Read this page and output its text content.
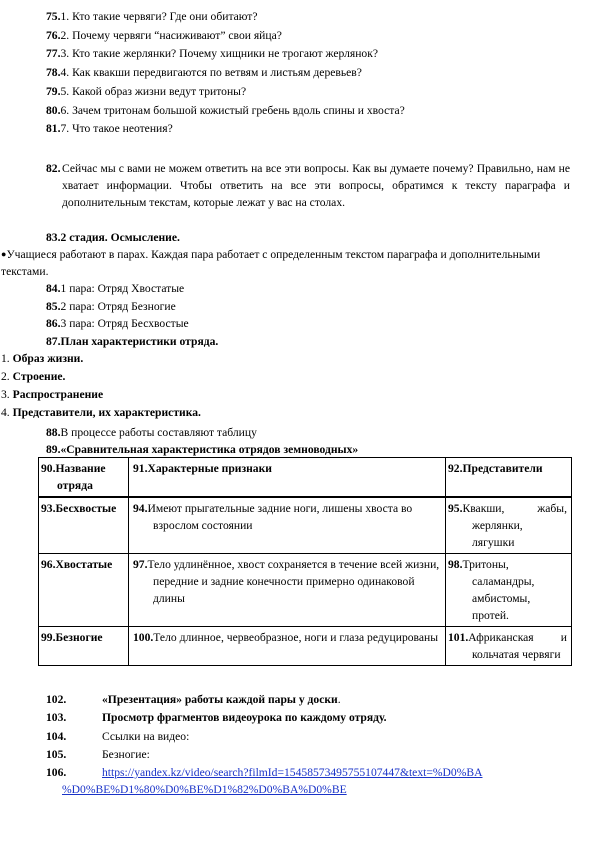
75.1. Кто такие червяги? Где они обитают?
76.2. Почему червяги “насиживают” свои яйца?
77.3. Кто такие жерлянки? Почему хищники не трогают жерлянок?
78.4. Как квакши передвигаются по ветвям и листьям деревьев?
79.5. Какой образ жизни ведут тритоны?
80.6. Зачем тритонам большой кожистый гребень вдоль спины и хвоста?
81.7. Что такое неотения?
82. Сейчас мы с вами не можем ответить на все эти вопросы. Как вы думаете почему? Правильно, нам не хватает информации. Чтобы ответить на все эти вопросы, обратимся к тексту параграфа и дополнительным текстам, которые лежат у вас на столах.
83.2 стадия. Осмысление.
●Учащиеся работают в парах. Каждая пара работает с определенным текстом параграфа и дополнительными текстами.
84.1 пара: Отряд Хвостатые
85.2 пара: Отряд Безногие
86.3 пара: Отряд Бесхвостые
87.План характеристики отряда.
1. Образ жизни.
2. Строение.
3. Распространение
4. Представители, их характеристика.
88.В процессе работы составляют таблицу
89.«Сравнительная характеристика отрядов земноводных»
90.Название отряда	91.Характерные признаки	92.Представители
93.Бесхвостые	94.Имеют прыгательные задние ноги, лишены хвоста во взрослом состоянии	95.Квакши, жабы, жерлянки, лягушки
96.Хвостатые	97.Тело удлинённое, хвост сохраняется в течение всей жизни, передние и задние конечности примерно одинаковой длины	98.Тритоны, саламандры, амбистомы, протей.
99.Безногие	100.Тело длинное, червеобразное, ноги и глаза редуцированы	101.Африканская и кольчатая червяги
102.	«Презентация» работы каждой пары у доски.
103.	Просмотр фрагментов видеоурока по каждому отряду.
104.	Ссылки на видео:
105.	Безногие:
106.	https://yandex.kz/video/search?filmId=15458573495755107447&text=%D0%BA
%D0%BE%D1%80%D0%BE%D1%82%D0%BA%D0%BE
